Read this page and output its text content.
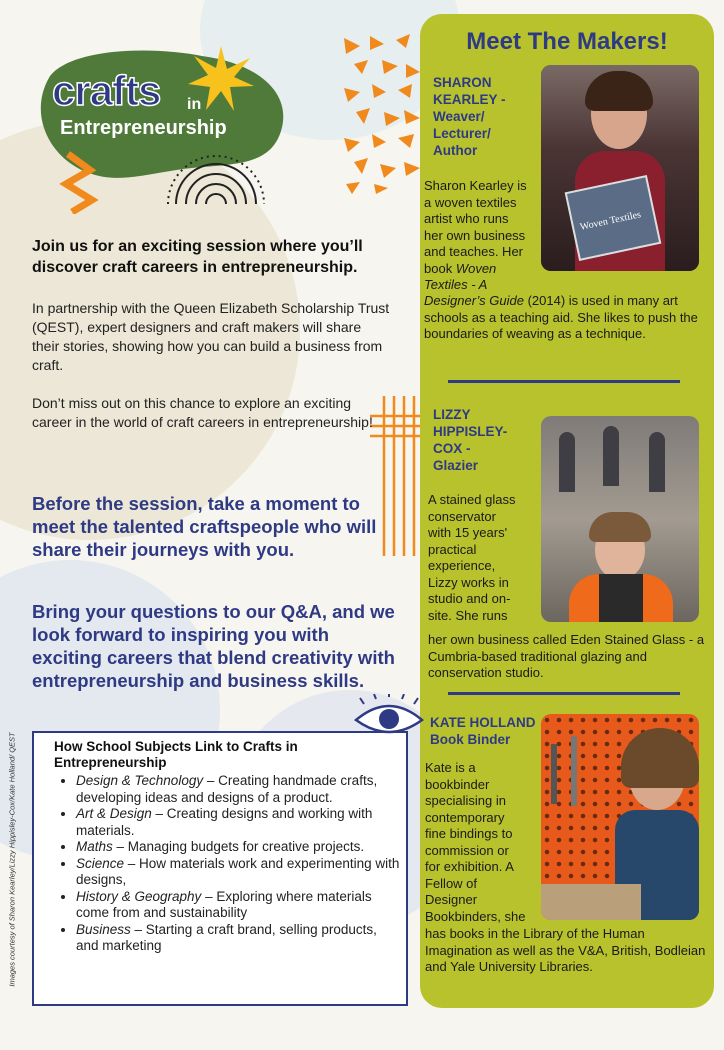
crafts in
Entrepreneurship
Join us for an exciting session where you’ll discover craft careers in entrepreneurship.
In partnership with the Queen Elizabeth Scholarship Trust (QEST), expert designers and craft makers will share their stories, showing how you can build a business from craft.
Don’t miss out on this chance to explore an exciting career in the world of craft careers in entrepreneurship!
Before the session, take a moment to meet the talented craftspeople who will share their journeys with you.
Bring your questions to our Q&A, and we look forward to inspiring you with exciting careers that blend creativity with entrepreneurship and business skills.
Images courtesy of Sharon Kearley/Lizzy Hippisley-Cox/Kate Holland/ QEST	How School Subjects Link to Crafts in Entrepreneurship
• Design & Technology – Creating handmade crafts, developing ideas and designs of a product.
• Art & Design – Creating designs and working with materials.
• Maths – Managing budgets for creative projects.
• Science – How materials work and experimenting with designs,
• History & Geography – Exploring where materials come from and sustainability
• Business – Starting a craft brand, selling products, and marketing
Meet The Makers!
SHARON
KEARLEY -
Weaver/
Lecturer/
Author
Woven Textiles
Sharon Kearley is
a woven textiles
artist who runs
her own business
and teaches. Her
book Woven
Textiles - A
Designer’s Guide (2014) is used in many art schools as a teaching aid. She likes to push the boundaries of weaving as a technique.
LIZZY
HIPPISLEY-
COX -
Glazier
A stained glass
conservator
with 15 years'
practical
experience,
Lizzy works in
studio and on-
site. She runs
her own business called Eden Stained Glass - a Cumbria-based traditional glazing and conservation studio.
KATE HOLLAND
Book Binder
Kate is a
bookbinder
specialising in
contemporary
fine bindings to
commission or
for exhibition. A
Fellow of
Designer
Bookbinders, she
has books in the Library of the Human Imagination as well as the V&A, British, Bodleian and Yale University Libraries.
